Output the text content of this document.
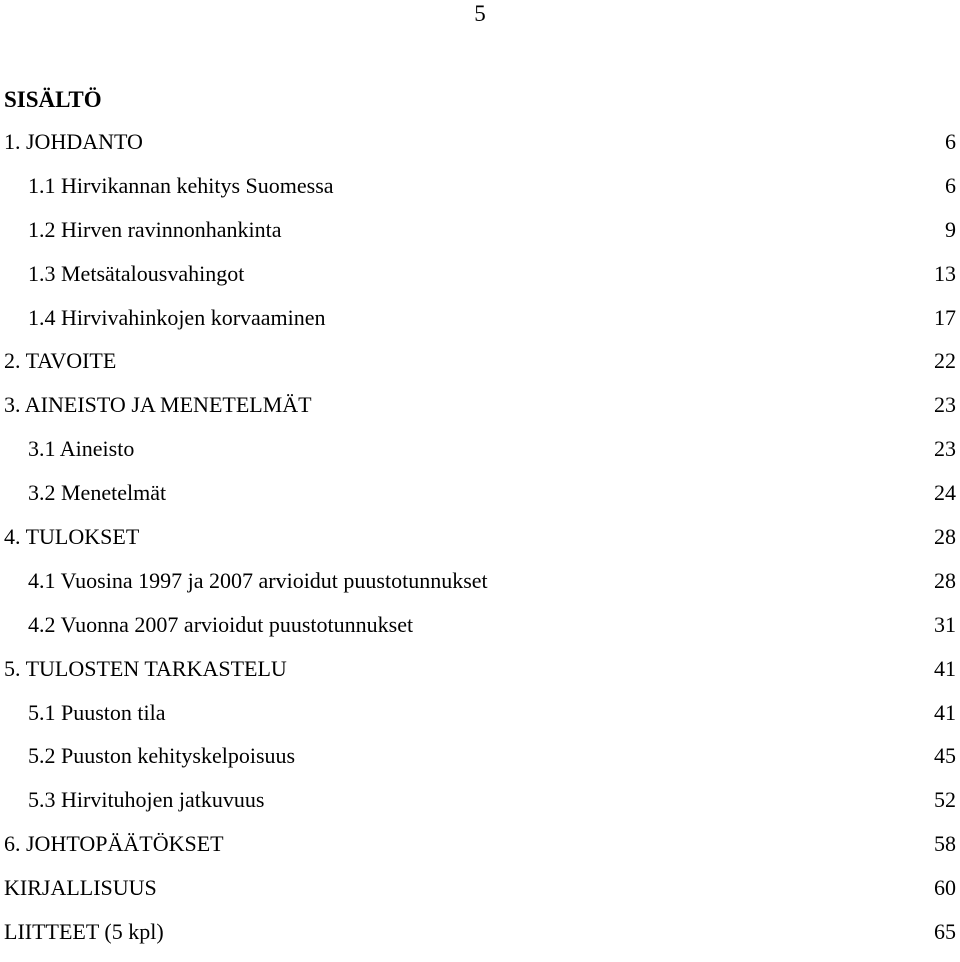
5
SISÄLTÖ
1. JOHDANTO	6
1.1 Hirvikannan kehitys Suomessa	6
1.2 Hirven ravinnonhankinta	9
1.3 Metsätalousvahingot	13
1.4 Hirvivahinkojen korvaaminen	17
2. TAVOITE	22
3. AINEISTO JA MENETELMÄT	23
3.1 Aineisto	23
3.2 Menetelmät	24
4. TULOKSET	28
4.1 Vuosina 1997 ja 2007 arvioidut puustotunnukset	28
4.2 Vuonna 2007 arvioidut puustotunnukset	31
5. TULOSTEN TARKASTELU	41
5.1 Puuston tila	41
5.2 Puuston kehityskelpoisuus	45
5.3 Hirvituhojen jatkuvuus	52
6. JOHTOPÄÄTÖKSET	58
KIRJALLISUUS	60
LIITTEET (5 kpl)	65
